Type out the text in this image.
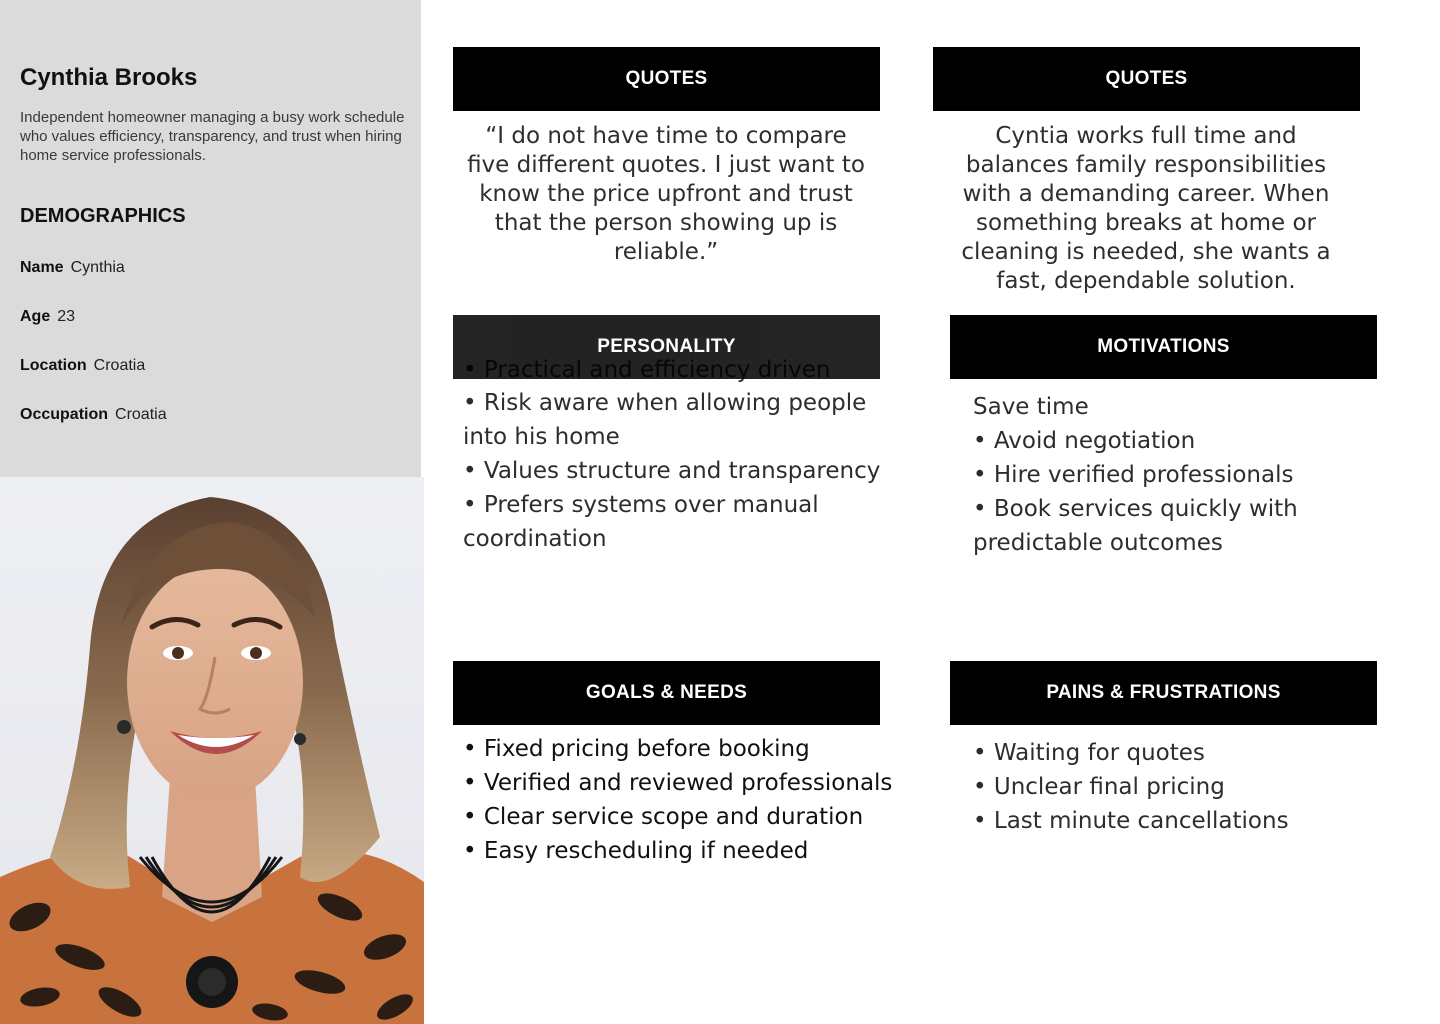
Cynthia Brooks

Independent homeowner managing a busy work schedule who values efficiency, transparency, and trust when hiring home service professionals.

DEMOGRAPHICS
Name Cynthia
Age 23
Location Croatia
Occupation Croatia
QUOTES

“I do not have time to compare five different quotes. I just want to know the price upfront and trust that the person showing up is reliable.”

QUOTES

Cyntia works full time and balances family responsibilities with a demanding career. When something breaks at home or cleaning is needed, she wants a fast, dependable solution.

PERSONALITY
• Risk aware when allowing people into his home
• Values structure and transparency
• Prefers systems over manual coordination
MOTIVATIONS
Save time
• Avoid negotiation
• Hire verified professionals
• Book services quickly with predictable outcomes
GOALS & NEEDS
• Fixed pricing before booking
• Verified and reviewed professionals
• Clear service scope and duration
• Easy rescheduling if needed
PAINS & FRUSTRATIONS
• Waiting for quotes
• Unclear final pricing
• Last minute cancellations
